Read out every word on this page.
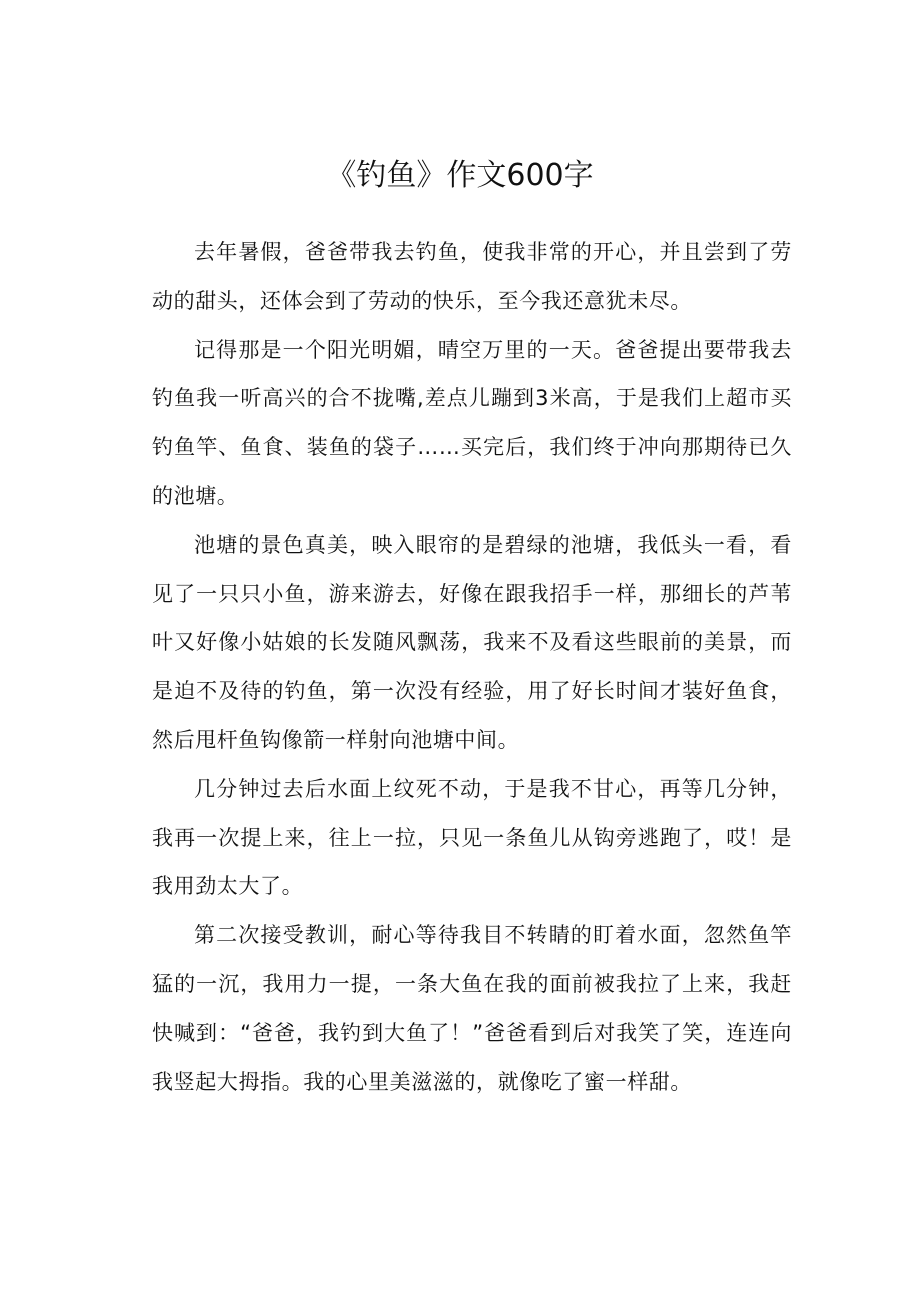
《钓鱼》作文600字

去年暑假，爸爸带我去钓鱼，使我非常的开心，并且尝到了劳动的甜头，还体会到了劳动的快乐，至今我还意犹未尽。

记得那是一个阳光明媚，晴空万里的一天。爸爸提出要带我去钓鱼我一听高兴的合不拢嘴,差点儿蹦到3米高，于是我们上超市买钓鱼竿、鱼食、装鱼的袋子……买完后，我们终于冲向那期待已久的池塘。

池塘的景色真美，映入眼帘的是碧绿的池塘，我低头一看，看见了一只只小鱼，游来游去，好像在跟我招手一样，那细长的芦苇叶又好像小姑娘的长发随风飘荡，我来不及看这些眼前的美景，而是迫不及待的钓鱼，第一次没有经验，用了好长时间才装好鱼食，然后甩杆鱼钩像箭一样射向池塘中间。

几分钟过去后水面上纹死不动，于是我不甘心，再等几分钟，我再一次提上来，往上一拉，只见一条鱼儿从钩旁逃跑了，哎！是我用劲太大了。

第二次接受教训，耐心等待我目不转睛的盯着水面，忽然鱼竿猛的一沉，我用力一提，一条大鱼在我的面前被我拉了上来，我赶快喊到：“爸爸，我钓到大鱼了！”爸爸看到后对我笑了笑，连连向我竖起大拇指。我的心里美滋滋的，就像吃了蜜一样甜。
